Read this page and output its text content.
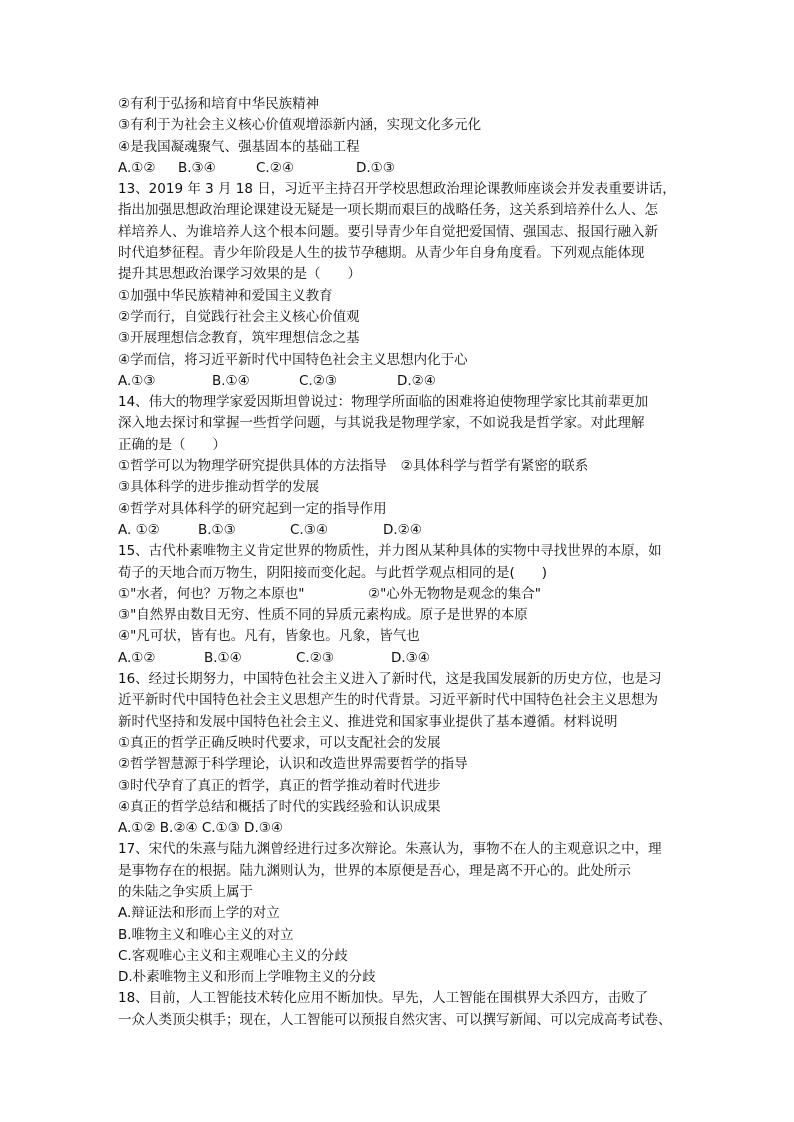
②有利于弘扬和培育中华民族精神
③有利于为社会主义核心价值观增添新内涵，实现文化多元化
④是我国凝魂聚气、强基固本的基础工程
A.①②	B.③④	C.②④	D.①③
13、2019 年 3 月 18 日，习近平主持召开学校思想政治理论课教师座谈会并发表重要讲话，
指出加强思想政治理论课建设无疑是一项长期而艰巨的战略任务，这关系到培养什么人、怎
样培养人、为谁培养人这个根本问题。要引导青少年自觉把爱国情、强国志、报国行融入新
时代追梦征程。青少年阶段是人生的拔节孕穗期。从青少年自身角度看。下列观点能体现
提升其思想政治课学习效果的是（　　）
①加强中华民族精神和爱国主义教育
②学而行，自觉践行社会主义核心价值观
③开展理想信念教育，筑牢理想信念之基
④学而信，将习近平新时代中国特色社会主义思想内化于心
A.①③	B.①④	C.②③	D.②④
14、伟大的物理学家爱因斯坦曾说过：物理学所面临的困难将迫使物理学家比其前辈更加
深入地去探讨和掌握一些哲学问题，与其说我是物理学家，不如说我是哲学家。对此理解
正确的是（　　）
①哲学可以为物理学研究提供具体的方法指导 ②具体科学与哲学有紧密的联系
③具体科学的进步推动哲学的发展
④哲学对具体科学的研究起到一定的指导作用
A. ①②	B.①③	C.③④	D.②④
15、古代朴素唯物主义肯定世界的物质性，并力图从某种具体的实物中寻找世界的本原，如
荀子的天地合而万物生，阴阳接而变化起。与此哲学观点相同的是(　　)
①"水者，何也？万物之本原也"	②"心外无物物是观念的集合"
③"自然界由数目无穷、性质不同的异质元素构成。原子是世界的本原
④"凡可状，皆有也。凡有，皆象也。凡象，皆气也
A.①②	B.①④	C.②③	D.③④
16、经过长期努力，中国特色社会主义进入了新时代，这是我国发展新的历史方位，也是习
近平新时代中国特色社会主义思想产生的时代背景。习近平新时代中国特色社会主义思想为
新时代坚持和发展中国特色社会主义、推进党和国家事业提供了基本遵循。材料说明
①真正的哲学正确反映时代要求，可以支配社会的发展
②哲学智慧源于科学理论，认识和改造世界需要哲学的指导
③时代孕育了真正的哲学，真正的哲学推动着时代进步
④真正的哲学总结和概括了时代的实践经验和认识成果
A.①② B.②④ C.①③ D.③④
17、宋代的朱熹与陆九渊曾经进行过多次辩论。朱熹认为，事物不在人的主观意识之中，理
是事物存在的根据。陆九渊则认为，世界的本原便是吾心，理是离不开心的。此处所示
的朱陆之争实质上属于
A.辩证法和形而上学的对立
B.唯物主义和唯心主义的对立
C.客观唯心主义和主观唯心主义的分歧
D.朴素唯物主义和形而上学唯物主义的分歧
18、目前，人工智能技术转化应用不断加快。早先，人工智能在围棋界大杀四方，击败了
一众人类顶尖棋手；现在，人工智能可以预报自然灾害、可以撰写新闻、可以完成高考试卷、
